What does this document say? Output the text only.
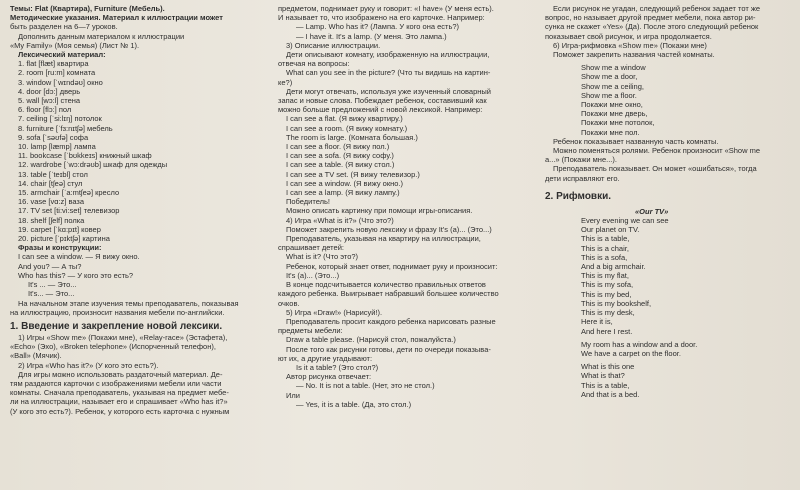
Темы: Flat (Квартира), Furniture (Мебель).

Методические указания. Материал к иллюстрации может

быть разделен на 6—7 уроков.

Дополнить данным материалом к иллюстрации

«My Family» (Моя семья) (Лист № 1).

Лексический материал:

1. flat [flæt] квартира

2. room [ru:m] комната

3. window [ˈwɪndəʊ] окно

4. door [dɔ:] дверь

5. wall [wɔ:l] стена

6. floor [flɔ:] пол

7. ceiling [ˈsi:lɪŋ] потолок

8. furniture [ˈfɜ:nɪtʃə] мебель

9. sofa [ˈsəʊfə] софа

10. lamp [læmp] лампа

11. bookcase [ˈbʊkkeɪs] книжный шкаф

12. wardrobe [ˈwɔ:drəʊb] шкаф для одежды

13. table [ˈteɪbl] стол

14. chair [tʃeə] стул

15. armchair [ˈa:mtʃeə] кресло

16. vase [vɑ:z] ваза

17. TV set [ti:vi:set] телевизор

18. shelf [ʃelf] полка

19. carpet [ˈkɑ:pɪt] ковер

20. picture [ˈpɪktʃə] картина

Фразы и конструкции:

I can see a window. — Я вижу окно.

And you? — А ты?

Who has this? — У кого это есть?

It's ... — Это...

It's... — Это...

На начальном этапе изучения темы преподаватель, показывая

на иллюстрацию, произносит названия мебели по-английски.

1. Введение и закрепление новой лексики.

1) Игры «Show me» (Покажи мне), «Relay-race» (Эстафета),

«Echo» (Эхо), «Broken telephone» (Испорченный телефон),

«Ball» (Мячик).

2) Игра «Who has it?» (У кого это есть?).

Для игры можно использовать раздаточный материал. Де-

тям раздаются карточки с изображениями мебели или части

комнаты. Сначала преподаватель, указывая на предмет мебе-

ли на иллюстрации, называет его и спрашивает «Who has it?»

(У кого это есть?). Ребенок, у которого есть карточка с нужным

предметом, поднимает руку и говорит: «I have» (У меня есть).

И называет то, что изображено на его карточке. Например:

— Lamp. Who has it? (Лампа. У кого она есть?)

— I have it. It's a lamp. (У меня. Это лампа.)

3) Описание иллюстрации.

Дети описывают комнату, изображенную на иллюстрации,

отвечая на вопросы:

What can you see in the picture? (Что ты видишь на картин-

ке?)

Дети могут отвечать, используя уже изученный словарный

запас и новые слова. Побеждает ребенок, составивший как

можно больше предложений с новой лексикой. Например:

I can see a flat. (Я вижу квартиру.)

I can see a room. (Я вижу комнату.)

The room is large. (Комната большая.)

I can see a floor. (Я вижу пол.)

I can see a sofa. (Я вижу софу.)

I can see a table. (Я вижу стол.)

I can see a TV set. (Я вижу телевизор.)

I can see a window. (Я вижу окно.)

I can see a lamp. (Я вижу лампу.)

Победитель!

Можно описать картинку при помощи игры-описания.

4) Игра «What is it?» (Что это?)

Поможет закрепить новую лексику и фразу It's (a)... (Это...)

Преподаватель, указывая на квартиру на иллюстрации,

спрашивает детей:

What is it? (Что это?)

Ребенок, который знает ответ, поднимает руку и произносит:

It's (a)... (Это...)

В конце подсчитывается количество правильных ответов

каждого ребенка. Выигрывает набравший большее количество

очков.

5) Игра «Draw!» (Нарисуй!).

Преподаватель просит каждого ребенка нарисовать разные

предметы мебели:

Draw a table please. (Нарисуй стол, пожалуйста.)

После того как рисунки готовы, дети по очереди показыва-

ют их, а другие угадывают:

Is it a table? (Это стол?)

Автор рисунка отвечает:

— No. It is not a table. (Нет, это не стол.)

Или

— Yes, it is a table. (Да, это стол.)

Если рисунок не угадан, следующий ребенок задает тот же

вопрос, но называет другой предмет мебели, пока автор ри-

сунка не скажет «Yes» (Да). После этого следующий ребенок

показывает свой рисунок, и игра продолжается.

6) Игра-рифмовка «Show me» (Покажи мне)

Поможет закрепить названия частей комнаты.

Show me a window

Show me a door,

Show me a ceiling,

Show me a floor.

Покажи мне окно,

Покажи мне дверь,

Покажи мне потолок,

Покажи мне пол.

Ребенок показывает названную часть комнаты.

Можно поменяться ролями. Ребенок произносит «Show me

a...» (Покажи мне...).

Преподаватель показывает. Он может «ошибаться», тогда

дети исправляют его.

2. Рифмовки.

«Our TV»

Every evening we can see

Our planet on TV.

This is a table,

This is a chair,

This is a sofa,

And a big armchair.

This is my flat,

This is my sofa,

This is my bed,

This is my bookshelf,

This is my desk,

Here it is,

And here I rest.

My room has a window and a door.

We have a carpet on the floor.

What is this one

What is that?

This is a table,

And that is a bed.
